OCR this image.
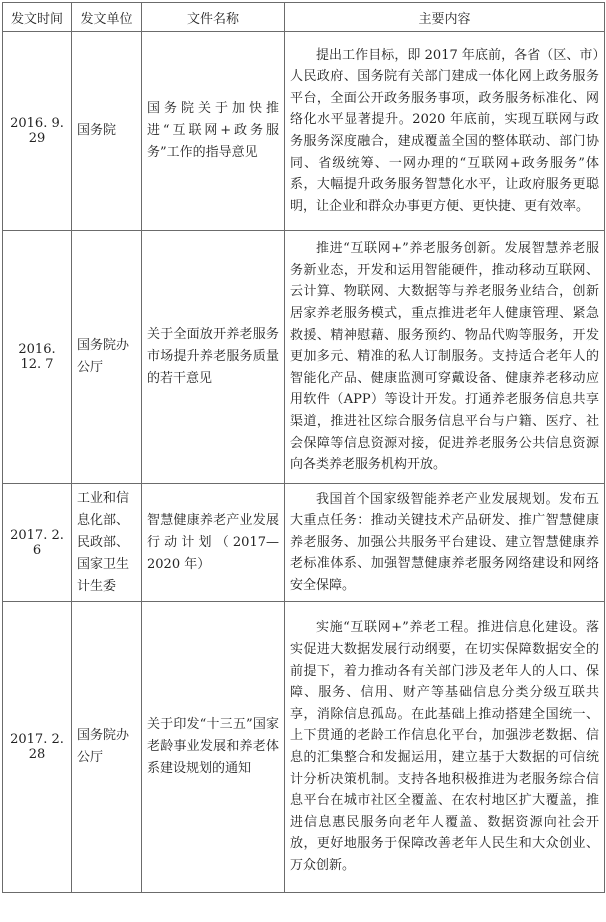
发文时间	发文单位	文件名称	主要内容
2016. 9. 29	国务院	国务院关于加快推进“互联网+政务服务”工作的指导意见	提出工作目标，即 2017 年底前，各省（区、市）人民政府、国务院有关部门建成一体化网上政务服务平台，全面公开政务服务事项，政务服务标准化、网络化水平显著提升。2020 年底前，实现互联网与政务服务深度融合，建成覆盖全国的整体联动、部门协同、省级统筹、一网办理的“互联网+政务服务”体系，大幅提升政务服务智慧化水平，让政府服务更聪明，让企业和群众办事更方便、更快捷、更有效率。
2016. 12. 7	国务院办公厅	关于全面放开养老服务市场提升养老服务质量的若干意见	推进“互联网+”养老服务创新。发展智慧养老服务新业态，开发和运用智能硬件，推动移动互联网、云计算、物联网、大数据等与养老服务业结合，创新居家养老服务模式，重点推进老年人健康管理、紧急救援、精神慰藉、服务预约、物品代购等服务，开发更加多元、精准的私人订制服务。支持适合老年人的智能化产品、健康监测可穿戴设备、健康养老移动应用软件（APP）等设计开发。打通养老服务信息共享渠道，推进社区综合服务信息平台与户籍、医疗、社会保障等信息资源对接，促进养老服务公共信息资源向各类养老服务机构开放。
2017. 2. 6	工业和信息化部、民政部、国家卫生计生委	智慧健康养老产业发展行动计划（2017—2020 年）	我国首个国家级智能养老产业发展规划。发布五大重点任务：推动关键技术产品研发、推广智慧健康养老服务、加强公共服务平台建设、建立智慧健康养老标准体系、加强智慧健康养老服务网络建设和网络安全保障。
2017. 2. 28	国务院办公厅	关于印发“十三五”国家老龄事业发展和养老体系建设规划的通知	实施“互联网+”养老工程。推进信息化建设。落实促进大数据发展行动纲要，在切实保障数据安全的前提下，着力推动各有关部门涉及老年人的人口、保障、服务、信用、财产等基础信息分类分级互联共享，消除信息孤岛。在此基础上推动搭建全国统一、上下贯通的老龄工作信息化平台，加强涉老数据、信息的汇集整合和发掘运用，建立基于大数据的可信统计分析决策机制。支持各地积极推进为老服务综合信息平台在城市社区全覆盖、在农村地区扩大覆盖，推进信息惠民服务向老年人覆盖、数据资源向社会开放，更好地服务于保障改善老年人民生和大众创业、万众创新。
